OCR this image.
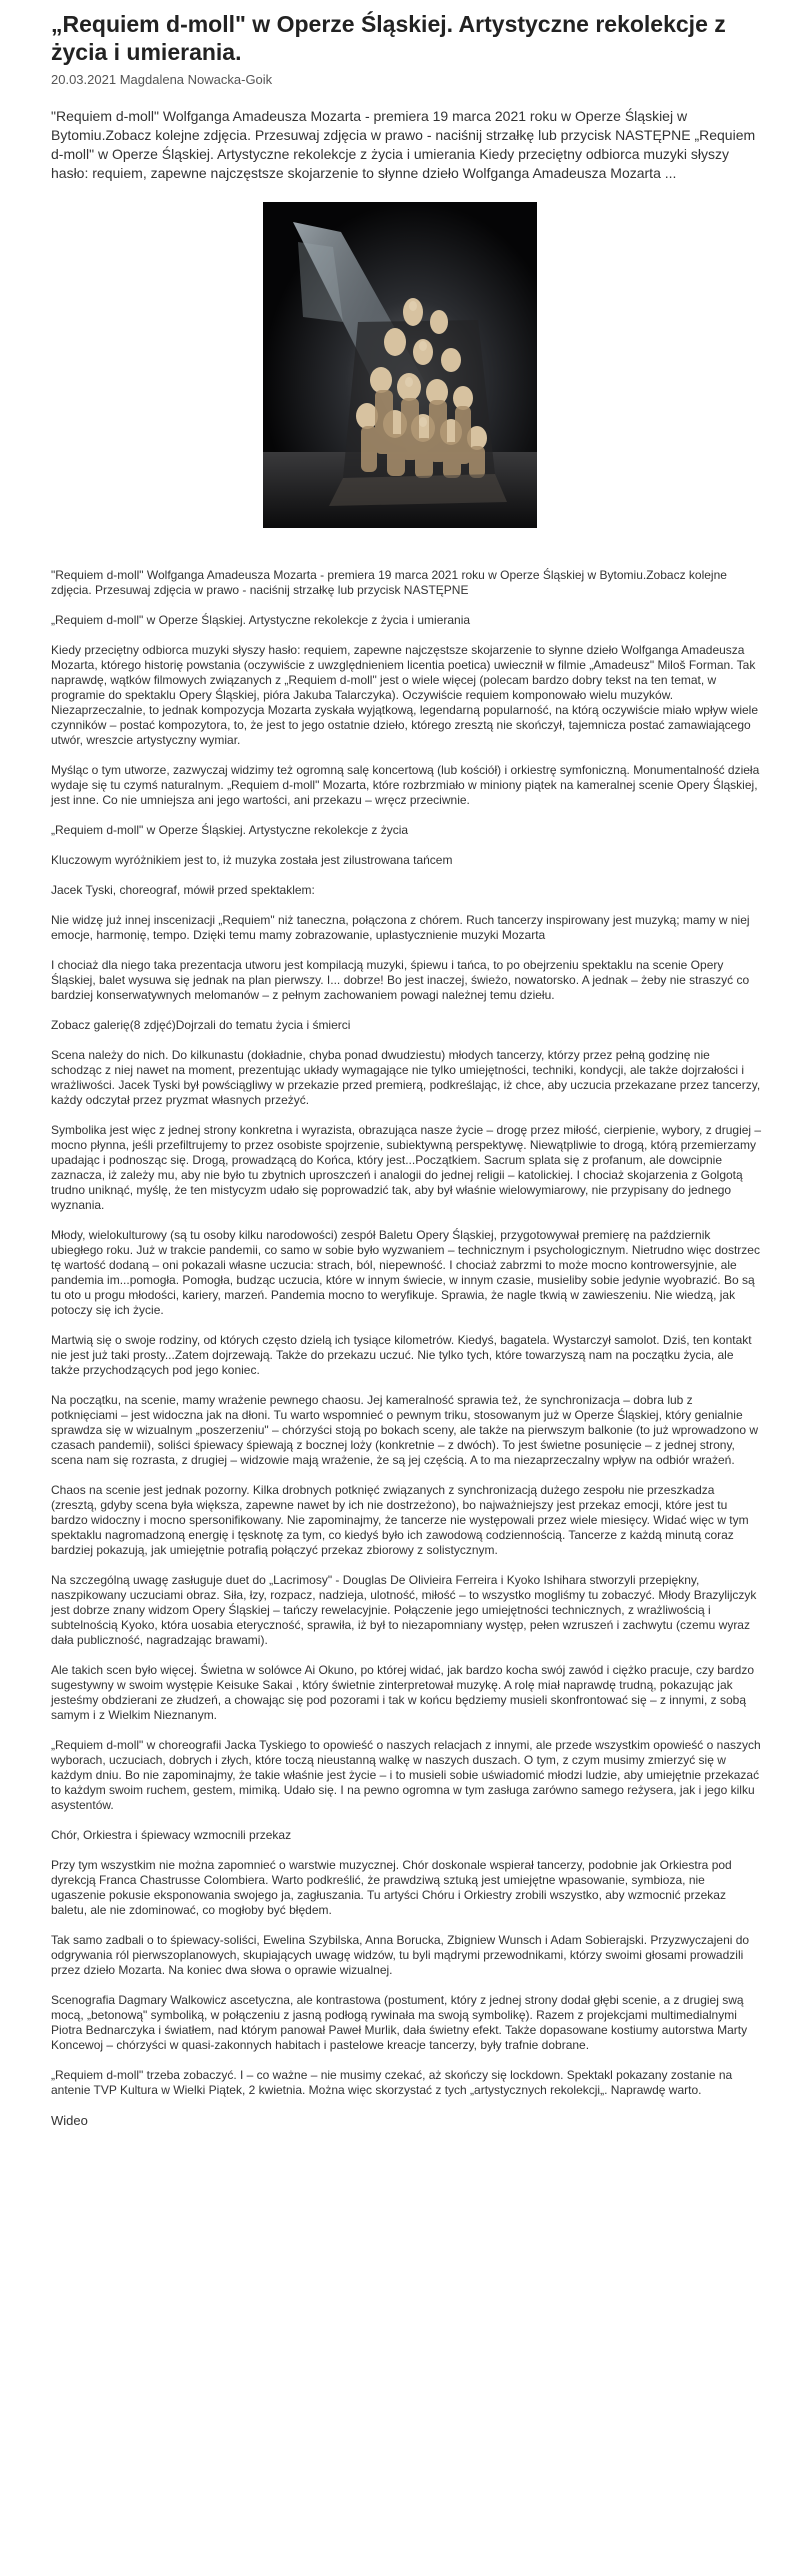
„Requiem d-moll" w Operze Śląskiej. Artystyczne rekolekcje z życia i umierania.
20.03.2021 Magdalena Nowacka-Goik

"Requiem d-moll" Wolfganga Amadeusza Mozarta - premiera 19 marca 2021 roku w Operze Śląskiej w Bytomiu.Zobacz kolejne zdjęcia. Przesuwaj zdjęcia w prawo - naciśnij strzałkę lub przycisk NASTĘPNE „Requiem d-moll" w Operze Śląskiej. Artystyczne rekolekcje z życia i umierania Kiedy przeciętny odbiorca muzyki słyszy hasło: requiem, zapewne najczęstsze skojarzenie to słynne dzieło Wolfganga Amadeusza Mozarta ...

"Requiem d-moll" Wolfganga Amadeusza Mozarta - premiera 19 marca 2021 roku w Operze Śląskiej w Bytomiu.Zobacz kolejne zdjęcia. Przesuwaj zdjęcia w prawo - naciśnij strzałkę lub przycisk NASTĘPNE

„Requiem d-moll" w Operze Śląskiej. Artystyczne rekolekcje z życia i umierania

Kiedy przeciętny odbiorca muzyki słyszy hasło: requiem, zapewne najczęstsze skojarzenie to słynne dzieło Wolfganga Amadeusza Mozarta, którego historię powstania (oczywiście z uwzględnieniem licentia poetica) uwiecznił w filmie „Amadeusz" Miloš Forman. Tak naprawdę, wątków filmowych związanych z „Requiem d-moll" jest o wiele więcej (polecam bardzo dobry tekst na ten temat, w programie do spektaklu Opery Śląskiej, pióra Jakuba Talarczyka). Oczywiście requiem komponowało wielu muzyków. Niezaprzeczalnie, to jednak kompozycja Mozarta zyskała wyjątkową, legendarną popularność, na którą oczywiście miało wpływ wiele czynników – postać kompozytora, to, że jest to jego ostatnie dzieło, którego zresztą nie skończył, tajemnicza postać zamawiającego utwór, wreszcie artystyczny wymiar.

Myśląc o tym utworze, zazwyczaj widzimy też ogromną salę koncertową (lub kościół) i orkiestrę symfoniczną. Monumentalność dzieła wydaje się tu czymś naturalnym. „Requiem d-moll" Mozarta, które rozbrzmiało w miniony piątek na kameralnej scenie Opery Śląskiej, jest inne. Co nie umniejsza ani jego wartości, ani przekazu – wręcz przeciwnie.

„Requiem d-moll" w Operze Śląskiej. Artystyczne rekolekcje z życia

Kluczowym wyróżnikiem jest to, iż muzyka została jest zilustrowana tańcem

Jacek Tyski, choreograf, mówił przed spektaklem:

Nie widzę już innej inscenizacji „Requiem" niż taneczna, połączona z chórem. Ruch tancerzy inspirowany jest muzyką; mamy w niej emocje, harmonię, tempo. Dzięki temu mamy zobrazowanie, uplastycznienie muzyki Mozarta

I chociaż dla niego taka prezentacja utworu jest kompilacją muzyki, śpiewu i tańca, to po obejrzeniu spektaklu na scenie Opery Śląskiej, balet wysuwa się jednak na plan pierwszy. I... dobrze! Bo jest inaczej, świeżo, nowatorsko. A jednak – żeby nie straszyć co bardziej konserwatywnych melomanów – z pełnym zachowaniem powagi należnej temu dziełu.

Zobacz galerię(8 zdjęć)Dojrzali do tematu życia i śmierci

Scena należy do nich. Do kilkunastu (dokładnie, chyba ponad dwudziestu) młodych tancerzy, którzy przez pełną godzinę nie schodząc z niej nawet na moment, prezentując układy wymagające nie tylko umiejętności, techniki, kondycji, ale także dojrzałości i wrażliwości. Jacek Tyski był powściągliwy w przekazie przed premierą, podkreślając, iż chce, aby uczucia przekazane przez tancerzy, każdy odczytał przez pryzmat własnych przeżyć.

Symbolika jest więc z jednej strony konkretna i wyrazista, obrazująca nasze życie – drogę przez miłość, cierpienie, wybory, z drugiej – mocno płynna, jeśli przefiltrujemy to przez osobiste spojrzenie, subiektywną perspektywę. Niewątpliwie to drogą, którą przemierzamy upadając i podnosząc się. Drogą, prowadzącą do Końca, który jest...Początkiem. Sacrum splata się z profanum, ale dowcipnie zaznacza, iż zależy mu, aby nie było tu zbytnich uproszczeń i analogii do jednej religii – katolickiej. I chociaż skojarzenia z Golgotą trudno uniknąć, myślę, że ten mistycyzm udało się poprowadzić tak, aby był właśnie wielowymiarowy, nie przypisany do jednego wyznania.

Młody, wielokulturowy (są tu osoby kilku narodowości) zespół Baletu Opery Śląskiej, przygotowywał premierę na październik ubiegłego roku. Już w trakcie pandemii, co samo w sobie było wyzwaniem – technicznym i psychologicznym. Nietrudno więc dostrzec tę wartość dodaną – oni pokazali własne uczucia: strach, ból, niepewność. I chociaż zabrzmi to może mocno kontrowersyjnie, ale pandemia im...pomogła. Pomogła, budząc uczucia, które w innym świecie, w innym czasie, musieliby sobie jedynie wyobrazić. Bo są tu oto u progu młodości, kariery, marzeń. Pandemia mocno to weryfikuje. Sprawia, że nagle tkwią w zawieszeniu. Nie wiedzą, jak potoczy się ich życie.

Martwią się o swoje rodziny, od których często dzielą ich tysiące kilometrów. Kiedyś, bagatela. Wystarczył samolot. Dziś, ten kontakt nie jest już taki prosty...Zatem dojrzewają. Także do przekazu uczuć. Nie tylko tych, które towarzyszą nam na początku życia, ale także przychodzących pod jego koniec.

Na początku, na scenie, mamy wrażenie pewnego chaosu. Jej kameralność sprawia też, że synchronizacja – dobra lub z potknięciami – jest widoczna jak na dłoni. Tu warto wspomnieć o pewnym triku, stosowanym już w Operze Śląskiej, który genialnie sprawdza się w wizualnym „poszerzeniu" – chórzyści stoją po bokach sceny, ale także na pierwszym balkonie (to już wprowadzono w czasach pandemii), soliści śpiewacy śpiewają z bocznej loży (konkretnie – z dwóch). To jest świetne posunięcie – z jednej strony, scena nam się rozrasta, z drugiej – widzowie mają wrażenie, że są jej częścią. A to ma niezaprzeczalny wpływ na odbiór wrażeń.

Chaos na scenie jest jednak pozorny. Kilka drobnych potknięć związanych z synchronizacją dużego zespołu nie przeszkadza (zresztą, gdyby scena była większa, zapewne nawet by ich nie dostrzeżono), bo najważniejszy jest przekaz emocji, które jest tu bardzo widoczny i mocno spersonifikowany. Nie zapominajmy, że tancerze nie występowali przez wiele miesięcy. Widać więc w tym spektaklu nagromadzoną energię i tęsknotę za tym, co kiedyś było ich zawodową codziennością. Tancerze z każdą minutą coraz bardziej pokazują, jak umiejętnie potrafią połączyć przekaz zbiorowy z solistycznym.

Na szczególną uwagę zasługuje duet do „Lacrimosy" - Douglas De Olivieira Ferreira i Kyoko Ishihara stworzyli przepiękny, naszpikowany uczuciami obraz. Siła, łzy, rozpacz, nadzieja, ulotność, miłość – to wszystko mogliśmy tu zobaczyć. Młody Brazylijczyk jest dobrze znany widzom Opery Śląskiej – tańczy rewelacyjnie. Połączenie jego umiejętności technicznych, z wrażliwością i subtelnością Kyoko, która uosabia eteryczność, sprawiła, iż był to niezapomniany występ, pełen wzruszeń i zachwytu (czemu wyraz dała publiczność, nagradzając brawami).

Ale takich scen było więcej. Świetna w solówce Ai Okuno, po której widać, jak bardzo kocha swój zawód i ciężko pracuje, czy bardzo sugestywny w swoim występie Keisuke Sakai , który świetnie zinterpretował muzykę. A rolę miał naprawdę trudną, pokazując jak jesteśmy obdzierani ze złudzeń, a chowając się pod pozorami i tak w końcu będziemy musieli skonfrontować się – z innymi, z sobą samym i z Wielkim Nieznanym.

„Requiem d-moll" w choreografii Jacka Tyskiego to opowieść o naszych relacjach z innymi, ale przede wszystkim opowieść o naszych wyborach, uczuciach, dobrych i złych, które toczą nieustanną walkę w naszych duszach. O tym, z czym musimy zmierzyć się w każdym dniu. Bo nie zapominajmy, że takie właśnie jest życie – i to musieli sobie uświadomić młodzi ludzie, aby umiejętnie przekazać to każdym swoim ruchem, gestem, mimiką. Udało się. I na pewno ogromna w tym zasługa zarówno samego reżysera, jak i jego kilku asystentów.

Chór, Orkiestra i śpiewacy wzmocnili przekaz

Przy tym wszystkim nie można zapomnieć o warstwie muzycznej. Chór doskonale wspierał tancerzy, podobnie jak Orkiestra pod dyrekcją Franca Chastrusse Colombiera. Warto podkreślić, że prawdziwą sztuką jest umiejętne wpasowanie, symbioza, nie ugaszenie pokusie eksponowania swojego ja, zagłuszania. Tu artyści Chóru i Orkiestry zrobili wszystko, aby wzmocnić przekaz baletu, ale nie zdominować, co mogłoby być błędem.

Tak samo zadbali o to śpiewacy-soliści, Ewelina Szybilska, Anna Borucka, Zbigniew Wunsch i Adam Sobierajski. Przyzwyczajeni do odgrywania ról pierwszoplanowych, skupiających uwagę widzów, tu byli mądrymi przewodnikami, którzy swoimi głosami prowadzili przez dzieło Mozarta. Na koniec dwa słowa o oprawie wizualnej.

Scenografia Dagmary Walkowicz ascetyczna, ale kontrastowa (postument, który z jednej strony dodał głębi scenie, a z drugiej swą mocą, „betonową" symboliką, w połączeniu z jasną podłogą rywinała ma swoją symbolikę). Razem z projekcjami multimedialnymi Piotra Bednarczyka i światłem, nad którym panował Paweł Murlik, dała świetny efekt. Także dopasowane kostiumy autorstwa Marty Koncewoj – chórzyści w quasi-zakonnych habitach i pastelowe kreacje tancerzy, były trafnie dobrane.

„Requiem d-moll" trzeba zobaczyć. I – co ważne – nie musimy czekać, aż skończy się lockdown. Spektakl pokazany zostanie na antenie TVP Kultura w Wielki Piątek, 2 kwietnia. Można więc skorzystać z tych „artystycznych rekolekcji„. Naprawdę warto.

Wideo
